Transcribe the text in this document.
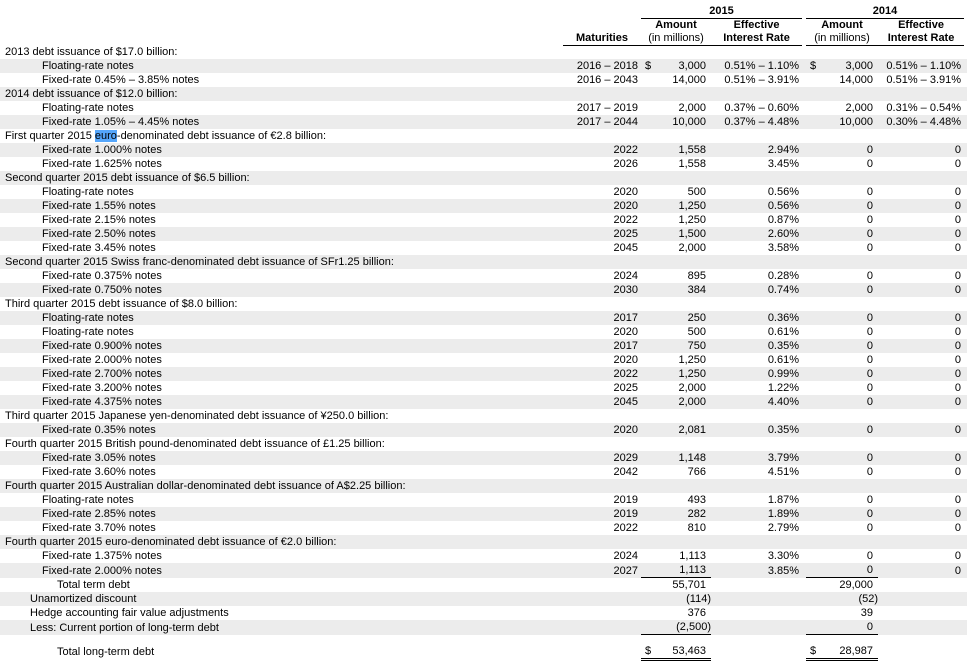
		2015				2014			
		Amount		Effective		Amount		Effective	
	Maturities	(in millions)		Interest Rate		(in millions)		Interest Rate	
2013 debt issuance of $17.0 billion:									
Floating-rate notes	2016 – 2018	$	3,000	0.51% – 1.10%		$	3,000	0.51% – 1.10%	
Fixed-rate 0.45% – 3.85% notes	2016 – 2043		14,000	0.51% – 3.91%			14,000	0.51% – 3.91%	
2014 debt issuance of $12.0 billion:									
Floating-rate notes	2017 – 2019		2,000	0.37% – 0.60%			2,000	0.31% – 0.54%	
Fixed-rate 1.05% – 4.45% notes	2017 – 2044		10,000	0.37% – 4.48%			10,000	0.30% – 4.48%	
First quarter 2015 euro-denominated debt issuance of €2.8 billion:									
Fixed-rate 1.000% notes	2022		1,558	2.94%			0	0	
Fixed-rate 1.625% notes	2026		1,558	3.45%			0	0	
Second quarter 2015 debt issuance of $6.5 billion:									
Floating-rate notes	2020		500	0.56%			0	0	
Fixed-rate 1.55% notes	2020		1,250	0.56%			0	0	
Fixed-rate 2.15% notes	2022		1,250	0.87%			0	0	
Fixed-rate 2.50% notes	2025		1,500	2.60%			0	0	
Fixed-rate 3.45% notes	2045		2,000	3.58%			0	0	
Second quarter 2015 Swiss franc-denominated debt issuance of SFr1.25 billion:									
Fixed-rate 0.375% notes	2024		895	0.28%			0	0	
Fixed-rate 0.750% notes	2030		384	0.74%			0	0	
Third quarter 2015 debt issuance of $8.0 billion:									
Floating-rate notes	2017		250	0.36%			0	0	
Floating-rate notes	2020		500	0.61%			0	0	
Fixed-rate 0.900% notes	2017		750	0.35%			0	0	
Fixed-rate 2.000% notes	2020		1,250	0.61%			0	0	
Fixed-rate 2.700% notes	2022		1,250	0.99%			0	0	
Fixed-rate 3.200% notes	2025		2,000	1.22%			0	0	
Fixed-rate 4.375% notes	2045		2,000	4.40%			0	0	
Third quarter 2015 Japanese yen-denominated debt issuance of ¥250.0 billion:									
Fixed-rate 0.35% notes	2020		2,081	0.35%			0	0	
Fourth quarter 2015 British pound-denominated debt issuance of £1.25 billion:									
Fixed-rate 3.05% notes	2029		1,148	3.79%			0	0	
Fixed-rate 3.60% notes	2042		766	4.51%			0	0	
Fourth quarter 2015 Australian dollar-denominated debt issuance of A$2.25 billion:									
Floating-rate notes	2019		493	1.87%			0	0	
Fixed-rate 2.85% notes	2019		282	1.89%			0	0	
Fixed-rate 3.70% notes	2022		810	2.79%			0	0	
Fourth quarter 2015 euro-denominated debt issuance of €2.0 billion:									
Fixed-rate 1.375% notes	2024		1,113	3.30%			0	0	
Fixed-rate 2.000% notes	2027		1,113	3.85%			0	0	
Total term debt			55,701				29,000		
Unamortized discount			(114)				(52)		
Hedge accounting fair value adjustments			376				39		
Less: Current portion of long-term debt			(2,500)				0		

Total long-term debt		$	53,463			$	28,987		
